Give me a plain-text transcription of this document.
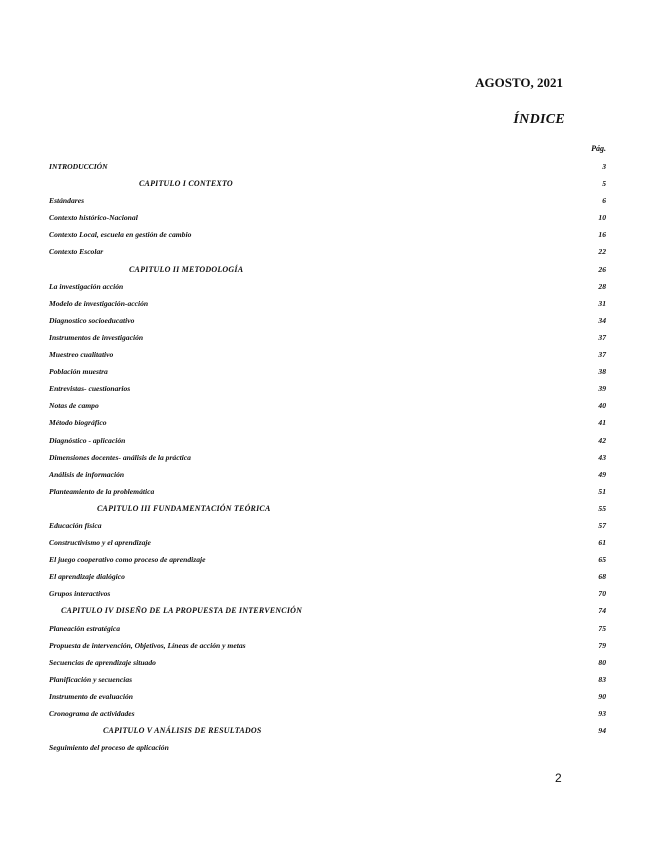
AGOSTO, 2021
ÍNDICE
Pág.
INTRODUCCIÓN	3
CAPITULO I CONTEXTO	5
Estándares	6
Contexto histórico-Nacional	10
Contexto Local, escuela en gestión de cambio	16
Contexto Escolar	22
CAPITULO II METODOLOGÍA	26
La investigación acción	28
Modelo de investigación-acción	31
Diagnostico socioeducativo	34
Instrumentos de investigación	37
Muestreo cualitativo	37
Población muestra	38
Entrevistas- cuestionarios	39
Notas de campo	40
Método biográfico	41
Diagnóstico - aplicación	42
Dimensiones docentes- análisis de la práctica	43
Análisis de información	49
Planteamiento de la problemática	51
CAPITULO III FUNDAMENTACIÓN TEÓRICA	55
Educación física	57
Constructivismo y el aprendizaje	61
El juego cooperativo como proceso de aprendizaje	65
El aprendizaje dialógico	68
Grupos interactivos	70
CAPITULO IV DISEÑO DE LA PROPUESTA DE INTERVENCIÓN	74
Planeación estratégica	75
Propuesta de intervención, Objetivos, Líneas de acción y metas	79
Secuencias de aprendizaje situado	80
Planificación y secuencias	83
Instrumento de evaluación	90
Cronograma de actividades	93
CAPITULO V ANÁLISIS DE RESULTADOS	94
Seguimiento del proceso de aplicación
2
